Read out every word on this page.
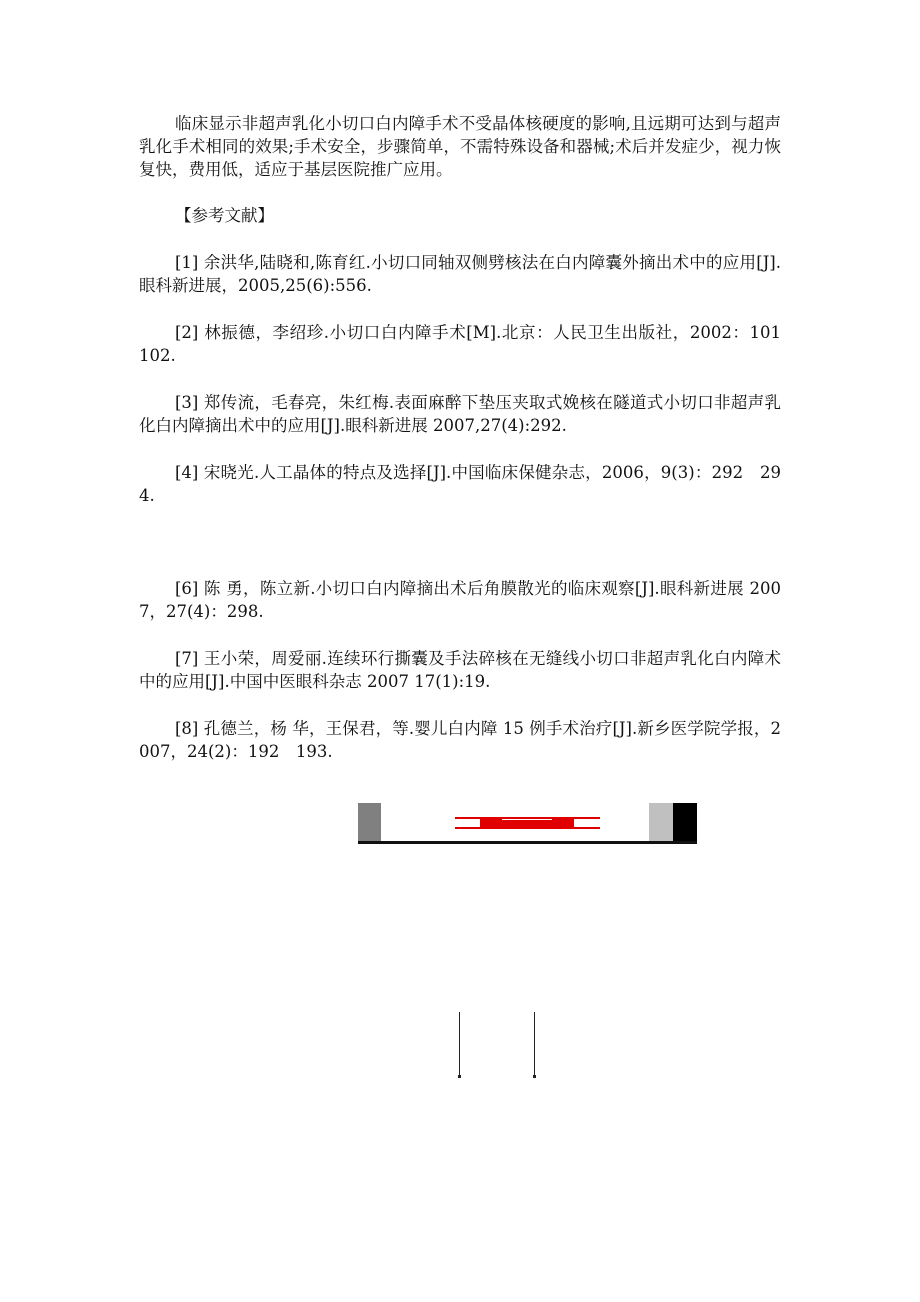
临床显示非超声乳化小切口白内障手术不受晶体核硬度的影响,且远期可达到与超声乳化手术相同的效果;手术安全，步骤简单，不需特殊设备和器械;术后并发症少，视力恢复快，费用低，适应于基层医院推广应用。

【参考文献】

[1] 余洪华,陆晓和,陈育红.小切口同轴双侧劈核法在白内障囊外摘出术中的应用[J].眼科新进展，2005,25(6):556.

[2] 林振德，李绍珍.小切口白内障手术[M].北京：人民卫生出版社，2002：101　102.

[3] 郑传流，毛春亮，朱红梅.表面麻醉下垫压夹取式娩核在隧道式小切口非超声乳化白内障摘出术中的应用[J].眼科新进展 2007,27(4):292.

[4] 宋晓光.人工晶体的特点及选择[J].中国临床保健杂志，2006，9(3)：292　294.

[6] 陈 勇，陈立新.小切口白内障摘出术后角膜散光的临床观察[J].眼科新进展 2007，27(4)：298.

[7] 王小荣，周爱丽.连续环行撕囊及手法碎核在无缝线小切口非超声乳化白内障术中的应用[J].中国中医眼科杂志 2007 17(1):19.

[8] 孔德兰，杨 华，王保君，等.婴儿白内障 15 例手术治疗[J].新乡医学院学报，2007，24(2)：192　193.
